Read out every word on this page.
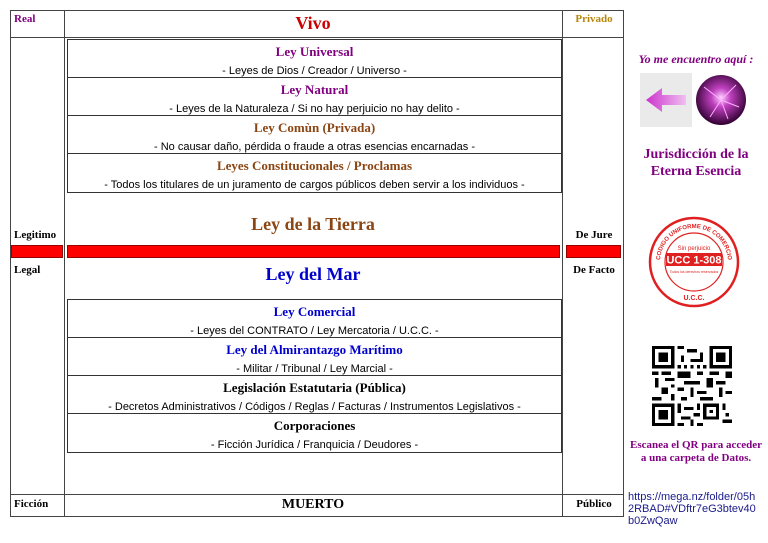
Real	Privado
Legitimo	De Jure
Legal	De Facto
Ficción	Público
Vivo
Ley de la Tierra
Ley del Mar
MUERTO
Ley Universal
- Leyes de Dios / Creador / Universo -
Ley Natural
- Leyes de la Naturaleza / Si no hay perjuicio no hay delito -
Ley Comùn (Privada)
- No causar daño, pérdida o fraude a otras esencias encarnadas -
Leyes Constitucionales / Proclamas
- Todos los titulares de un juramento de cargos públicos deben servir a los individuos -
Ley Comercial
- Leyes del CONTRATO / Ley Mercatoria / U.C.C. -
Ley del Almirantazgo Marítimo
- Militar / Tribunal / Ley Marcial -
Legislación Estatutaria (Pública)
- Decretos Administrativos / Códigos / Reglas / Facturas / Instrumentos Legislativos -
Corporaciones
- Ficción Jurídica / Franquicia / Deudores -
Yo me encuentro aquí :
Jurisdicción de la Eterna Esencia
CODIGO UNIFORME DE COMERCIO
Sin perjuicio
UCC 1-308
Todos los derechos reservados
U.C.C.
Escanea el QR para acceder a una carpeta de Datos.
https://mega.nz/folder/05h2RBAD#VDftr7eG3btev40b0ZwQaw
